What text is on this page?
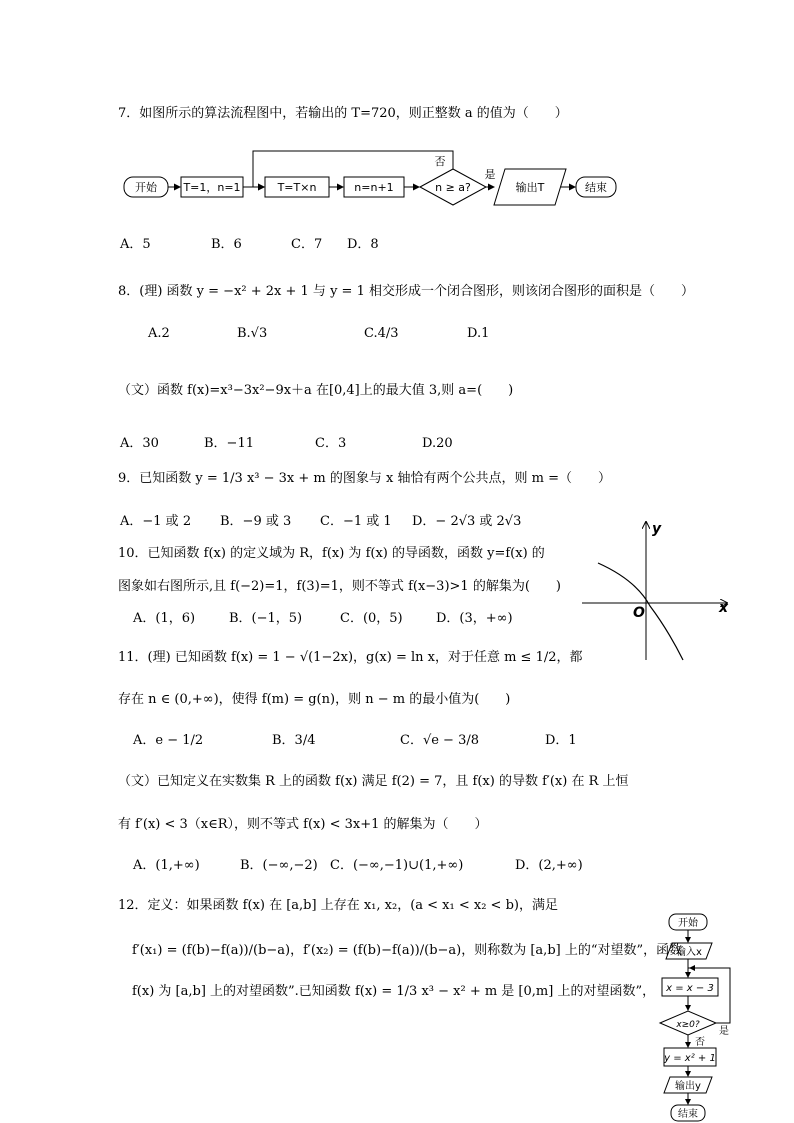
7．如图所示的算法流程图中，若输出的 T=720，则正整数 a 的值为（　　）
开始 T=1，n=1	T=T×n	n=n+1	n ≥ a?
否
是
输出T	结束
A．5	B．6	C．7 D．8
8．(理) 函数 y = −x² + 2x + 1 与 y = 1 相交形成一个闭合图形，则该闭合图形的面积是（　　）
A.2	B.√3	C.4/3	D.1
（文）函数 f(x)=x³−3x²−9x＋a 在[0,4]上的最大值 3,则 a=(　　)
A．30	B．−11	C．3	D.20
9．已知函数 y = 1/3 x³ − 3x + m 的图象与 x 轴恰有两个公共点，则 m =（　　）
A．−1 或 2 B．−9 或 3 C．−1 或 1 D．− 2√3 或 2√3
10．已知函数 f(x) 的定义域为 R，f(x) 为 f(x) 的导函数，函数 y=f(x) 的
图象如右图所示,且 f(−2)=1，f(3)=1，则不等式 f(x−3)>1 的解集为(　　)
A．(1，6)	B．(−1，5)	C．(0，5)	D．(3，+∞)
y
x
O
11．(理) 已知函数 f(x) = 1 − √(1−2x)，g(x) = ln x，对于任意 m ≤ 1/2，都
存在 n ∈ (0,+∞)，使得 f(m) = g(n)，则 n − m 的最小值为(　　)
A．e − 1/2	B．3/4	C．√e − 3/8	D．1
（文）已知定义在实数集 R 上的函数 f(x) 满足 f(2) = 7，且 f(x) 的导数 f′(x) 在 R 上恒
有 f′(x) < 3（x∈R），则不等式 f(x) < 3x+1 的解集为（　　）
A．(1,+∞)	B．(−∞,−2) C．(−∞,−1)∪(1,+∞)	D．(2,+∞)
12．定义：如果函数 f(x) 在 [a,b] 上存在 x₁, x₂，(a < x₁ < x₂ < b)，满足
f′(x₁) = (f(b)−f(a))/(b−a)，f′(x₂) = (f(b)−f(a))/(b−a)，则称数为 [a,b] 上的“对望数”，函数
f(x) 为 [a,b] 上的对望函数”.已知函数 f(x) = 1/3 x³ − x² + m 是 [0,m] 上的对望函数”，
开始
输入x
x = x − 3
x≥0?
是
否
y = x² + 1
输出y
结束
